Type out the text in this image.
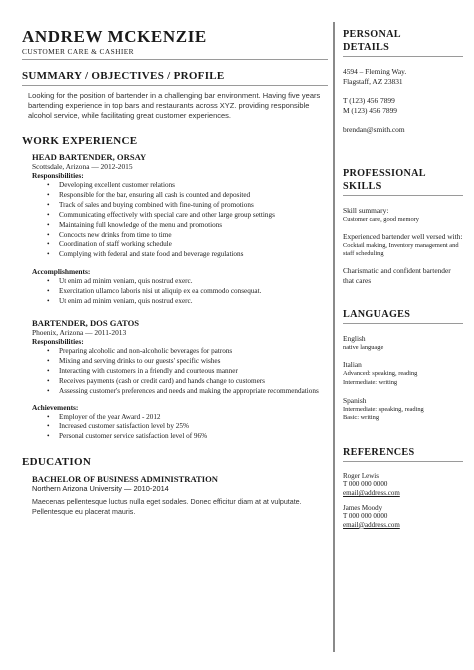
ANDREW MCKENZIE
CUSTOMER CARE & CASHIER
SUMMARY / OBJECTIVES / PROFILE

Looking for the position of bartender in a challenging bar environment. Having five years bartending experience in top bars and restaurants across XYZ. providing responsible alcohol service, while facilitating great customer experiences.

WORK EXPERIENCE
HEAD BARTENDER, ORSAY
Scottsdale, Arizona — 2012-2015
Responsibilities:
• Developing excellent customer relations
• Responsible for the bar, ensuring all cash is counted and deposited
• Track of sales and buying combined with fine-tuning of promotions
• Communicating effectively with special care and other large group settings
• Maintaining full knowledge of the menu and promotions
• Concocts new drinks from time to time
• Coordination of staff working schedule
• Complying with federal and state food and beverage regulations
Accomplishments:
• Ut enim ad minim veniam, quis nostrud exerc.
• Exercitation ullamco laboris nisi ut aliquip ex ea commodo consequat.
• Ut enim ad minim veniam, quis nostrud exerc.
BARTENDER, DOS GATOS
Phoenix, Arizona — 2011-2013
Responsibilities:
• Preparing alcoholic and non-alcoholic beverages for patrons
• Mixing and serving drinks to our guests' specific wishes
• Interacting with customers in a friendly and courteous manner
• Receives payments (cash or credit card) and hands change to customers
• Assessing customer's preferences and needs and making the appropriate recommendations
Achievements:
• Employer of the year Award - 2012
• Increased customer satisfaction level by 25%
• Personal customer service satisfaction level of 96%
EDUCATION
BACHELOR OF BUSINESS ADMINISTRATION
Northern Arizona University — 2010-2014
Maecenas pellentesque luctus nulla eget sodales. Donec efficitur diam at at vulputate. Pellentesque eu placerat mauris.
PERSONAL
DETAILS
4594 – Fleming Way.
Flagstaff, AZ 23831
T (123) 456 7899
M (123) 456 7899
brendan@smith.com
PROFESSIONAL
SKILLS
Skill summary:
Customer care, good memory
Experienced bartender well versed with:
Cocktail making, Inventory management and staff scheduling
Charismatic and confident bartender that cares
LANGUAGES
English
native language
Italian
Advanced: speaking, reading
Intermediate: writing
Spanish
Intermediate: speaking, reading
Basic: writing
REFERENCES
Roger Lewis
T 000 000 0000
email@address.com
James Moody
T 000 000 0000
email@address.com
